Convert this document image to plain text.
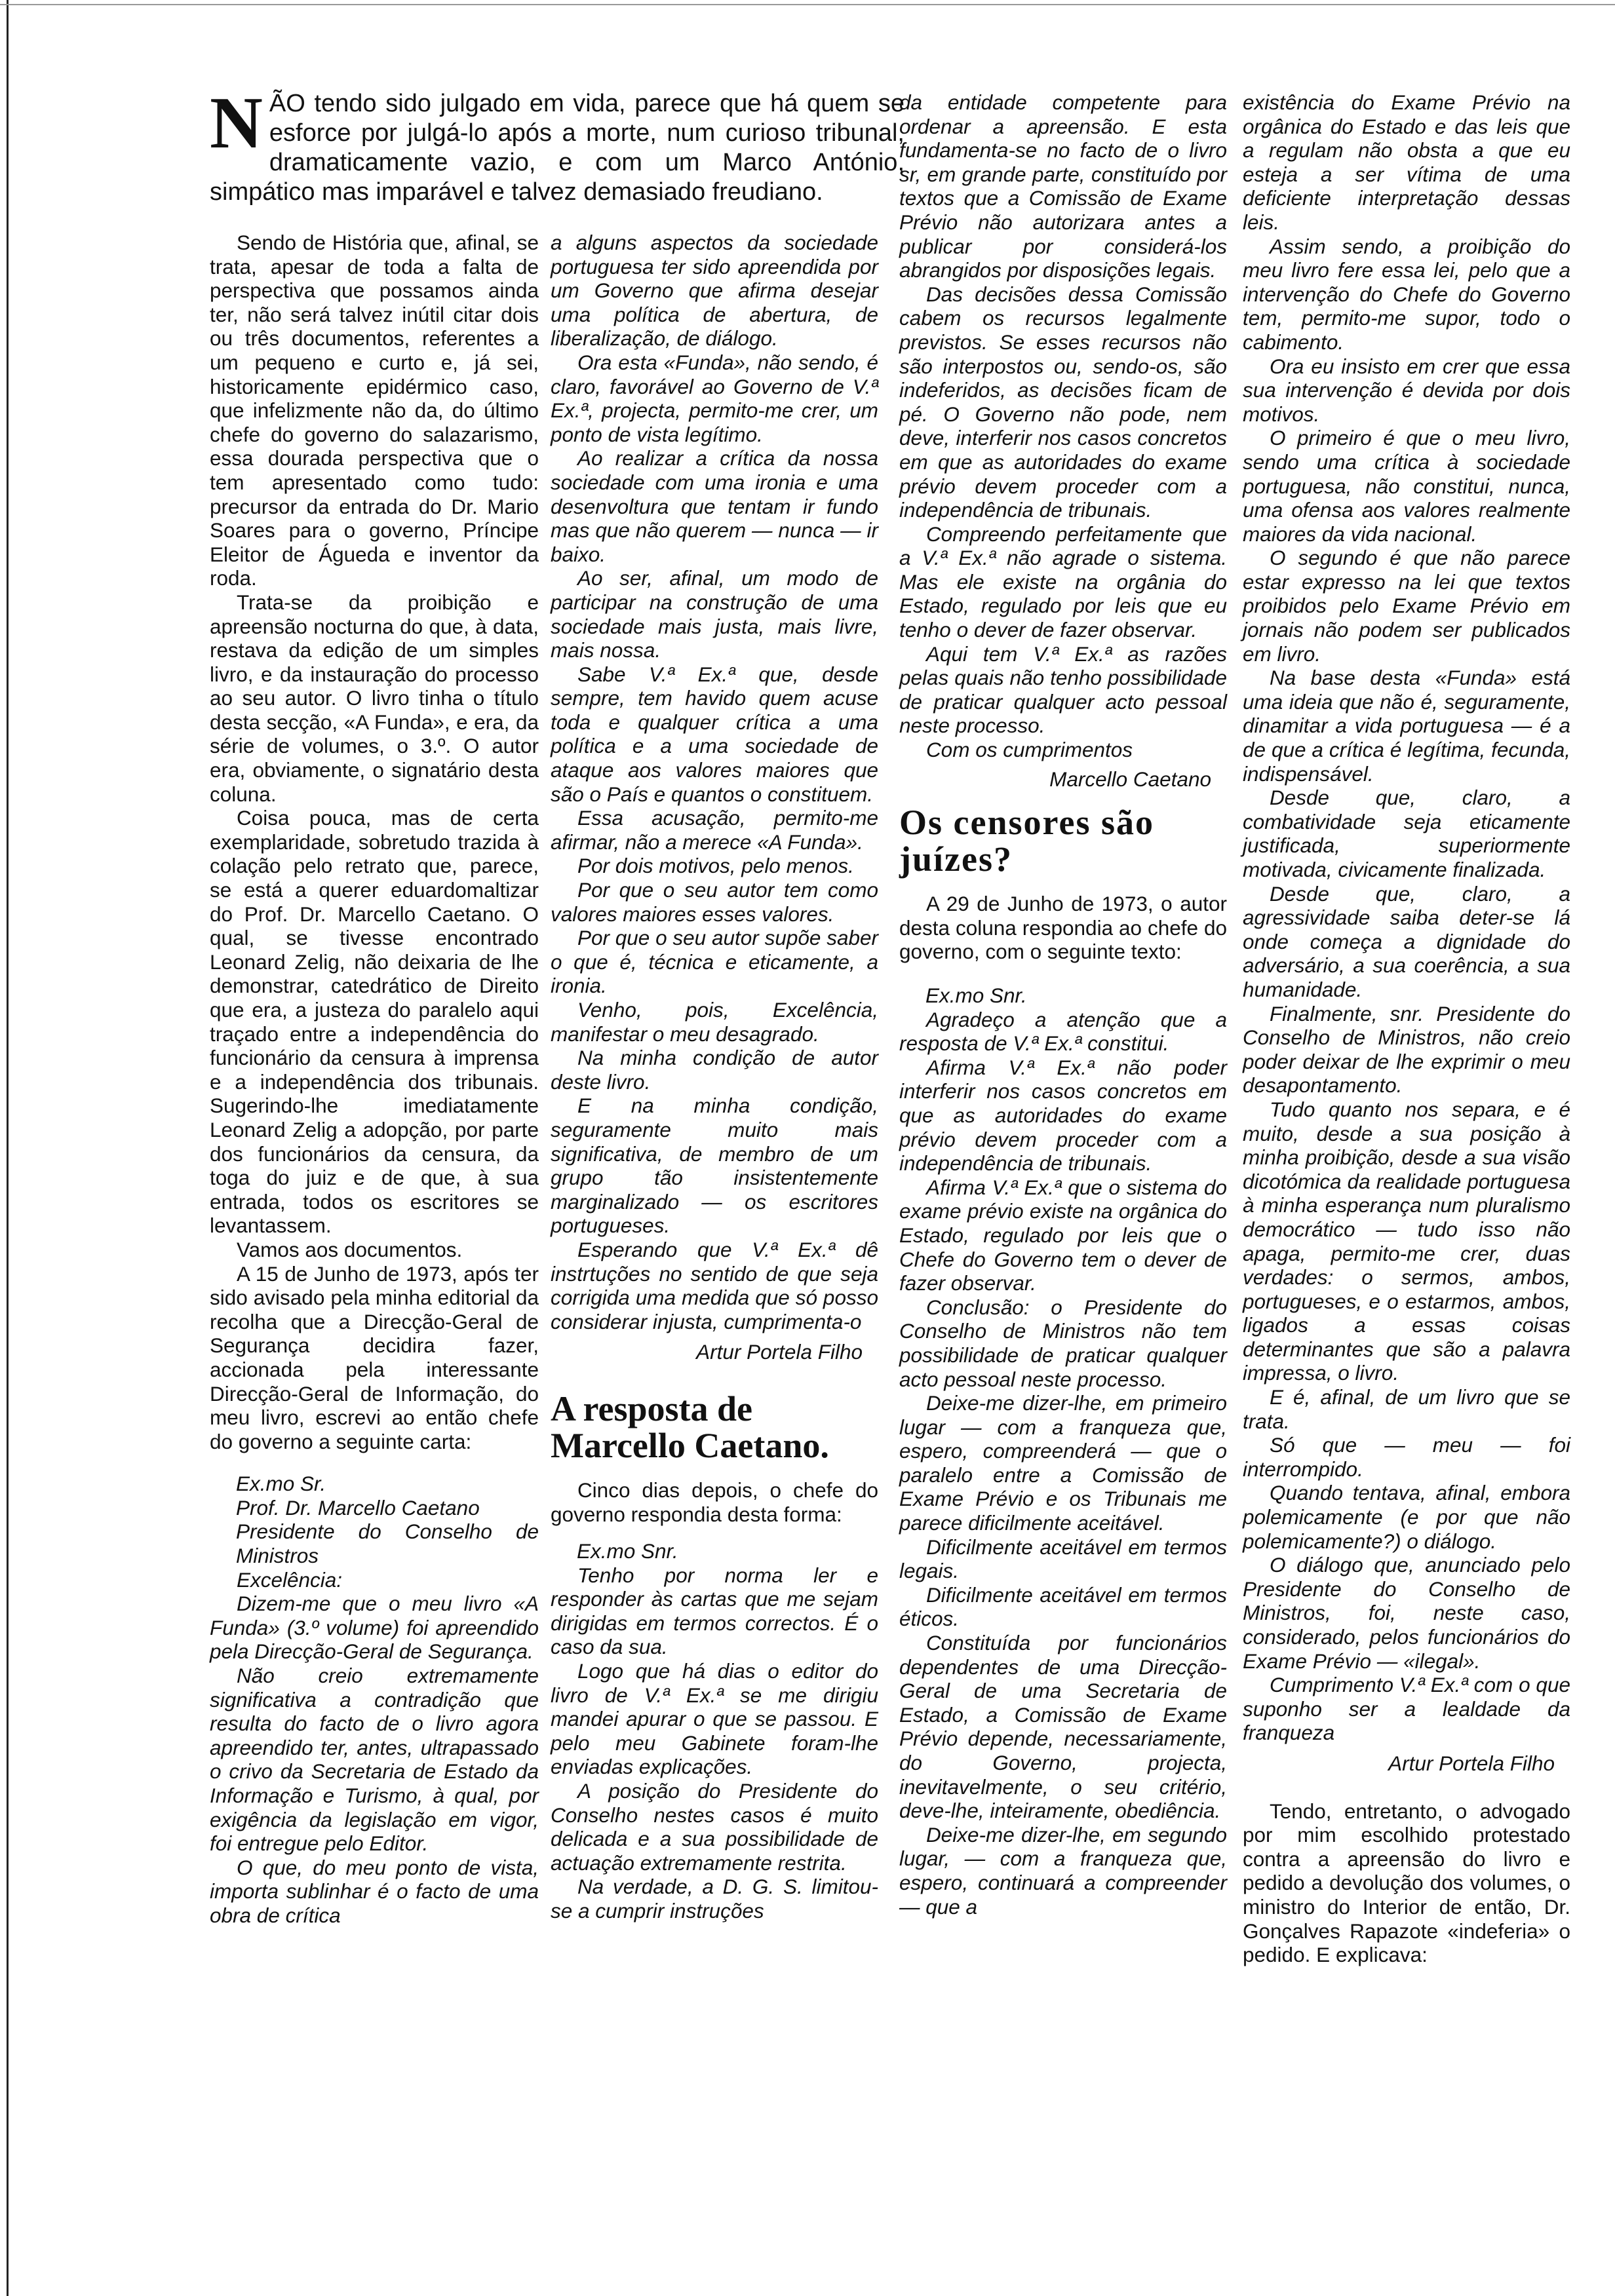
N ÃO tendo sido julgado em vida, parece que há quem se esforce por julgá-lo após a morte, num curioso tribunal, dramaticamente vazio, e com um Marco António, simpático mas imparável e talvez demasiado freudiano.

Sendo de História que, afinal, se trata, apesar de toda a falta de perspectiva que possamos ainda ter, não será talvez inútil citar dois ou três documentos, referentes a um pequeno e curto e, já sei, historicamente epidérmico caso, que infelizmente não da, do último chefe do governo do salazarismo, essa dourada perspectiva que o tem apresentado como tudo: precursor da entrada do Dr. Mario Soares para o governo, Príncipe Eleitor de Águeda e inventor da roda.

Trata-se da proibição e apreensão nocturna do que, à data, restava da edição de um simples livro, e da instauração do processo ao seu autor. O livro tinha o título desta secção, «A Funda», e era, da série de volumes, o 3.º. O autor era, obviamente, o signatário desta coluna.

Coisa pouca, mas de certa exemplaridade, sobretudo trazida à colação pelo retrato que, parece, se está a querer eduardomaltizar do Prof. Dr. Marcello Caetano. O qual, se tivesse encontrado Leonard Zelig, não deixaria de lhe demonstrar, catedrático de Direito que era, a justeza do paralelo aqui traçado entre a independência do funcionário da censura à imprensa e a independência dos tribunais. Sugerindo-lhe imediatamente Leonard Zelig a adopção, por parte dos funcionários da censura, da toga do juiz e de que, à sua entrada, todos os escritores se levantassem.

Vamos aos documentos.

A 15 de Junho de 1973, após ter sido avisado pela minha editorial da recolha que a Direcção-Geral de Segurança decidira fazer, accionada pela interessante Direcção-Geral de Informação, do meu livro, escrevi ao então chefe do governo a seguinte carta:

Ex.mo Sr.

Prof. Dr. Marcello Caetano

Presidente do Conselho de Ministros

Excelência:

Dizem-me que o meu livro «A Funda» (3.º volume) foi apreendido pela Direcção-Geral de Segurança.

Não creio extremamente significativa a contradição que resulta do facto de o livro agora apreendido ter, antes, ultrapassado o crivo da Secretaria de Estado da Informação e Turismo, à qual, por exigência da legislação em vigor, foi entregue pelo Editor.

O que, do meu ponto de vista, importa sublinhar é o facto de uma obra de crítica

a alguns aspectos da sociedade portuguesa ter sido apreendida por um Governo que afirma desejar uma política de abertura, de liberalização, de diálogo.

Ora esta «Funda», não sendo, é claro, favorável ao Governo de V.ª Ex.ª, projecta, permito-me crer, um ponto de vista legítimo.

Ao realizar a crítica da nossa sociedade com uma ironia e uma desenvoltura que tentam ir fundo mas que não querem — nunca — ir baixo.

Ao ser, afinal, um modo de participar na construção de uma sociedade mais justa, mais livre, mais nossa.

Sabe V.ª Ex.ª que, desde sempre, tem havido quem acuse toda e qualquer crítica a uma política e a uma sociedade de ataque aos valores maiores que são o País e quantos o constituem.

Essa acusação, permito-me afirmar, não a merece «A Funda».

Por dois motivos, pelo menos.

Por que o seu autor tem como valores maiores esses valores.

Por que o seu autor supõe saber o que é, técnica e eticamente, a ironia.

Venho, pois, Excelência, manifestar o meu desagrado.

Na minha condição de autor deste livro.

E na minha condição, seguramente muito mais significativa, de membro de um grupo tão insistentemente marginalizado — os escritores portugueses.

Esperando que V.ª Ex.ª dê instrtuções no sentido de que seja corrigida uma medida que só posso considerar injusta, cumprimenta-o

Artur Portela Filho

A resposta de Marcello Caetano.

Cinco dias depois, o chefe do governo respondia desta forma:

Ex.mo Snr.

Tenho por norma ler e responder às cartas que me sejam dirigidas em termos correctos. É o caso da sua.

Logo que há dias o editor do livro de V.ª Ex.ª se me dirigiu mandei apurar o que se passou. E pelo meu Gabinete foram-lhe enviadas explicações.

A posição do Presidente do Conselho nestes casos é muito delicada e a sua possibilidade de actuação extremamente restrita.

Na verdade, a D. G. S. limitou-se a cumprir instruções

da entidade competente para ordenar a apreensão. E esta fundamenta-se no facto de o livro sr, em grande parte, constituído por textos que a Comissão de Exame Prévio não autorizara antes a publicar por considerá-los abrangidos por disposições legais.

Das decisões dessa Comissão cabem os recursos legalmente previstos. Se esses recursos não são interpostos ou, sendo-os, são indeferidos, as decisões ficam de pé. O Governo não pode, nem deve, interferir nos casos concretos em que as autoridades do exame prévio devem proceder com a independência de tribunais.

Compreendo perfeitamente que a V.ª Ex.ª não agrade o sistema. Mas ele existe na orgânia do Estado, regulado por leis que eu tenho o dever de fazer observar.

Aqui tem V.ª Ex.ª as razões pelas quais não tenho possibilidade de praticar qualquer acto pessoal neste processo.

Com os cumprimentos

Marcello Caetano

Os censores são juízes?

A 29 de Junho de 1973, o autor desta coluna respondia ao chefe do governo, com o seguinte texto:

Ex.mo Snr.

Agradeço a atenção que a resposta de V.ª Ex.ª constitui.

Afirma V.ª Ex.ª não poder interferir nos casos concretos em que as autoridades do exame prévio devem proceder com a independência de tribunais.

Afirma V.ª Ex.ª que o sistema do exame prévio existe na orgânica do Estado, regulado por leis que o Chefe do Governo tem o dever de fazer observar.

Conclusão: o Presidente do Conselho de Ministros não tem possibilidade de praticar qualquer acto pessoal neste processo.

Deixe-me dizer-lhe, em primeiro lugar — com a franqueza que, espero, compreenderá — que o paralelo entre a Comissão de Exame Prévio e os Tribunais me parece dificilmente aceitável.

Dificilmente aceitável em termos legais.

Dificilmente aceitável em termos éticos.

Constituída por funcionários dependentes de uma Direcção-Geral de uma Secretaria de Estado, a Comissão de Exame Prévio depende, necessariamente, do Governo, projecta, inevitavelmente, o seu critério, deve-lhe, inteiramente, obediência.

Deixe-me dizer-lhe, em segundo lugar, — com a franqueza que, espero, continuará a compreender — que a

existência do Exame Prévio na orgânica do Estado e das leis que a regulam não obsta a que eu esteja a ser vítima de uma deficiente interpretação dessas leis.

Assim sendo, a proibição do meu livro fere essa lei, pelo que a intervenção do Chefe do Governo tem, permito-me supor, todo o cabimento.

Ora eu insisto em crer que essa sua intervenção é devida por dois motivos.

O primeiro é que o meu livro, sendo uma crítica à sociedade portuguesa, não constitui, nunca, uma ofensa aos valores realmente maiores da vida nacional.

O segundo é que não parece estar expresso na lei que textos proibidos pelo Exame Prévio em jornais não podem ser publicados em livro.

Na base desta «Funda» está uma ideia que não é, seguramente, dinamitar a vida portuguesa — é a de que a crítica é legítima, fecunda, indispensável.

Desde que, claro, a combatividade seja eticamente justificada, superiormente motivada, civicamente finalizada.

Desde que, claro, a agressividade saiba deter-se lá onde começa a dignidade do adversário, a sua coerência, a sua humanidade.

Finalmente, snr. Presidente do Conselho de Ministros, não creio poder deixar de lhe exprimir o meu desapontamento.

Tudo quanto nos separa, e é muito, desde a sua posição à minha proibição, desde a sua visão dicotómica da realidade portuguesa à minha esperança num pluralismo democrático — tudo isso não apaga, permito-me crer, duas verdades: o sermos, ambos, portugueses, e o estarmos, ambos, ligados a essas coisas determinantes que são a palavra impressa, o livro.

E é, afinal, de um livro que se trata.

Só que — meu — foi interrompido.

Quando tentava, afinal, embora polemicamente (e por que não polemicamente?) o diálogo.

O diálogo que, anunciado pelo Presidente do Conselho de Ministros, foi, neste caso, considerado, pelos funcionários do Exame Prévio — «ilegal».

Cumprimento V.ª Ex.ª com o que suponho ser a lealdade da franqueza

Artur Portela Filho

Tendo, entretanto, o advogado por mim escolhido protestado contra a apreensão do livro e pedido a devolução dos volumes, o ministro do Interior de então, Dr. Gonçalves Rapazote «indeferia» o pedido. E explicava:
